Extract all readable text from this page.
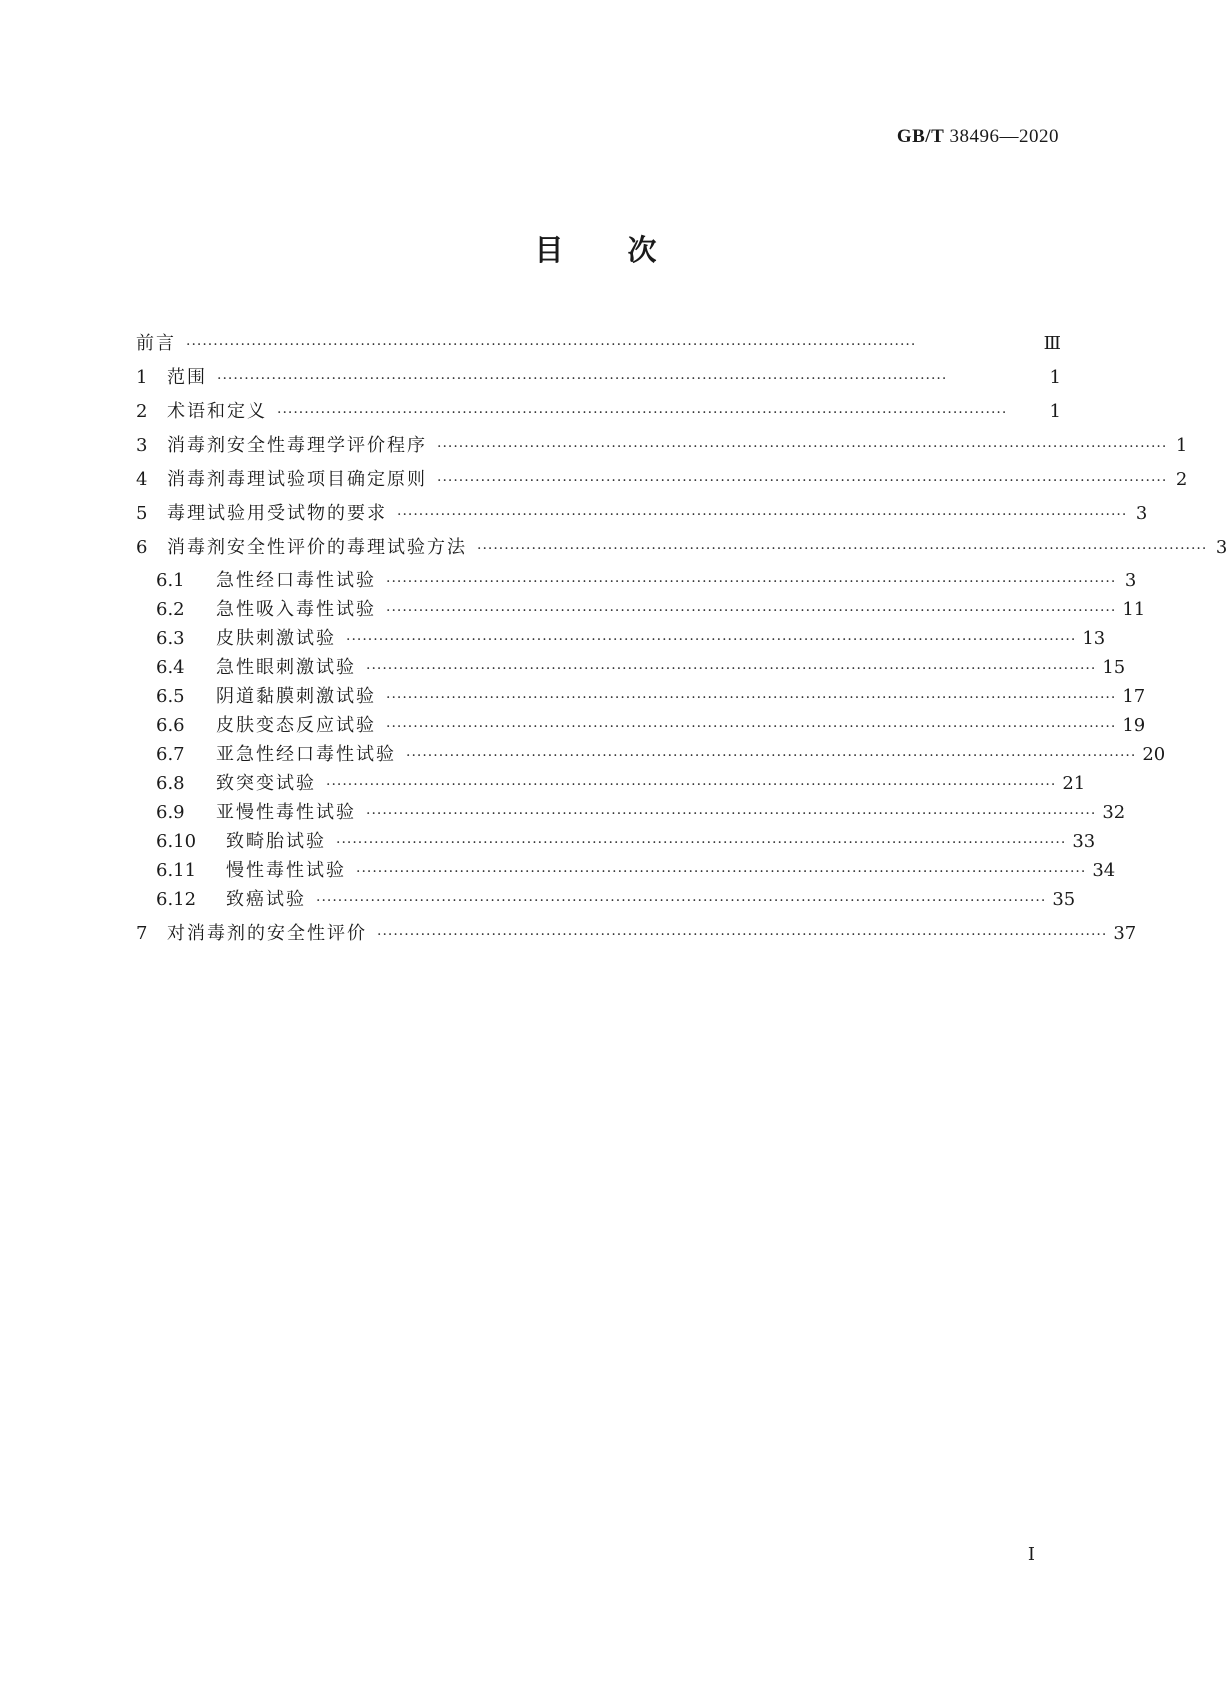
GB/T 38496—2020
目 次
前言 ······································································································································	Ⅲ
1	范围 ······································································································································	1
2	术语和定义 ······································································································································	1
3	消毒剂安全性毒理学评价程序 ······································································································································ 1
4	消毒剂毒理试验项目确定原则 ······································································································································ 2
5	毒理试验用受试物的要求 ······································································································································ 3
6	消毒剂安全性评价的毒理试验方法 ······································································································································ 3
6.1	急性经口毒性试验 ······································································································································ 3
6.2	急性吸入毒性试验 ······································································································································ 11
6.3	皮肤刺激试验 ······································································································································ 13
6.4	急性眼刺激试验 ······································································································································ 15
6.5	阴道黏膜刺激试验 ······································································································································ 17
6.6	皮肤变态反应试验 ······································································································································ 19
6.7	亚急性经口毒性试验 ······································································································································ 20
6.8	致突变试验 ······································································································································ 21
6.9	亚慢性毒性试验 ······································································································································ 32
6.10	致畸胎试验 ······································································································································ 33
6.11	慢性毒性试验 ······································································································································ 34
6.12	致癌试验 ······································································································································ 35
7	对消毒剂的安全性评价 ······································································································································ 37
I
